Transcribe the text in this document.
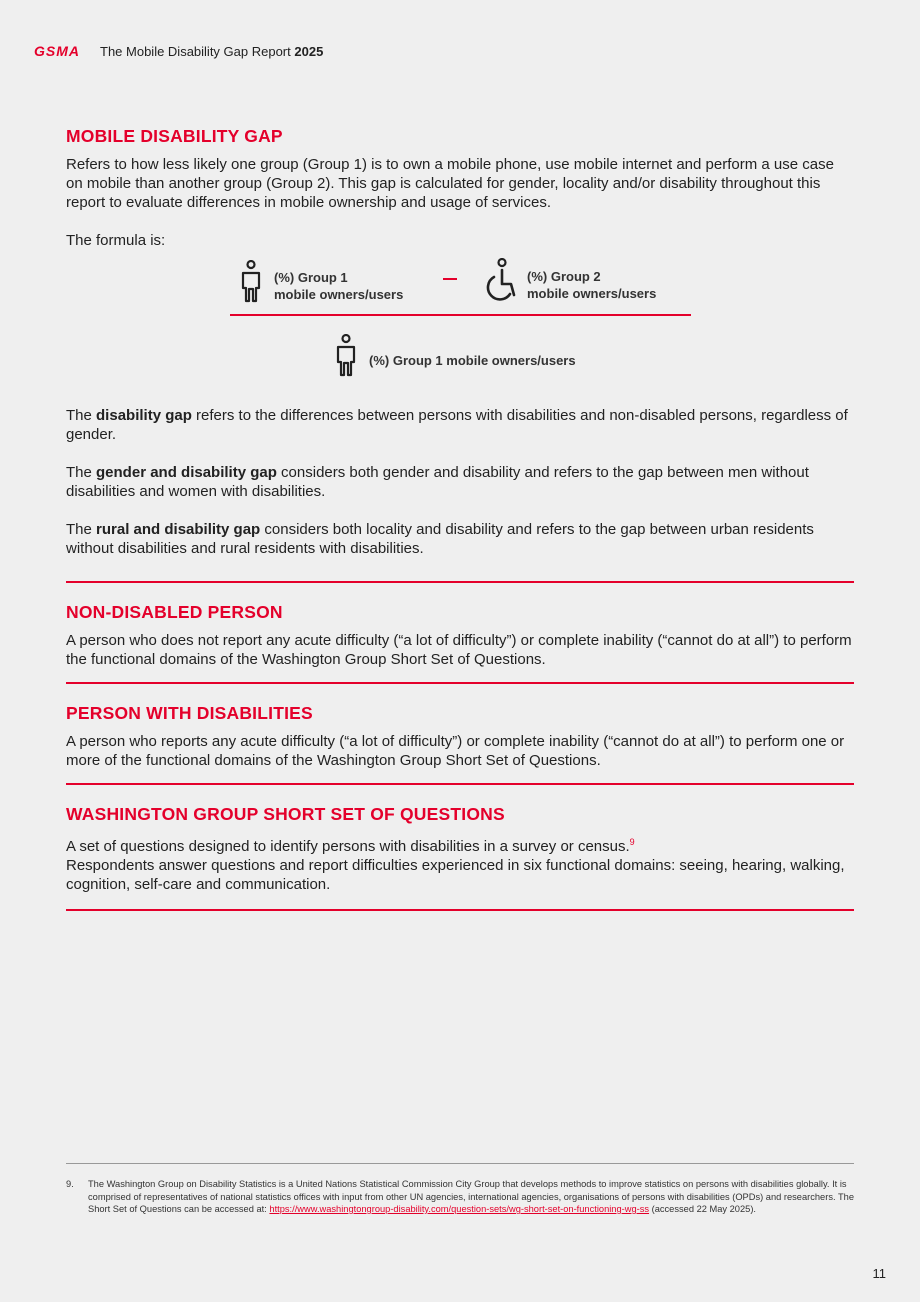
GSMA The Mobile Disability Gap Report 2025
MOBILE DISABILITY GAP

Refers to how less likely one group (Group 1) is to own a mobile phone, use mobile internet and perform a use case on mobile than another group (Group 2). This gap is calculated for gender, locality and/or disability throughout this report to evaluate differences in mobile ownership and usage of services.

The formula is:

(%) Group 1
mobile owners/users
(%) Group 2
mobile owners/users
(%) Group 1 mobile owners/users

The disability gap refers to the differences between persons with disabilities and non-disabled persons, regardless of gender.

The gender and disability gap considers both gender and disability and refers to the gap between men without disabilities and women with disabilities.

The rural and disability gap considers both locality and disability and refers to the gap between urban residents without disabilities and rural residents with disabilities.

NON-DISABLED PERSON

A person who does not report any acute difficulty (“a lot of difficulty”) or complete inability (“cannot do at all”) to perform the functional domains of the Washington Group Short Set of Questions.

PERSON WITH DISABILITIES

A person who reports any acute difficulty (“a lot of difficulty”) or complete inability (“cannot do at all”) to perform one or more of the functional domains of the Washington Group Short Set of Questions.

WASHINGTON GROUP SHORT SET OF QUESTIONS

A set of questions designed to identify persons with disabilities in a survey or census.$^9$
Respondents answer questions and report difficulties experienced in six functional domains: seeing, hearing, walking, cognition, self-care and communication.

9.	The Washington Group on Disability Statistics is a United Nations Statistical Commission City Group that develops methods to improve statistics on persons with disabilities globally. It is comprised of representatives of national statistics offices with input from other UN agencies, international agencies, organisations of persons with disabilities (OPDs) and researchers. The Short Set of Questions can be accessed at: https://www.washingtongroup-disability.com/question-sets/wg-short-set-on-functioning-wg-ss (accessed 22 May 2025).
11
